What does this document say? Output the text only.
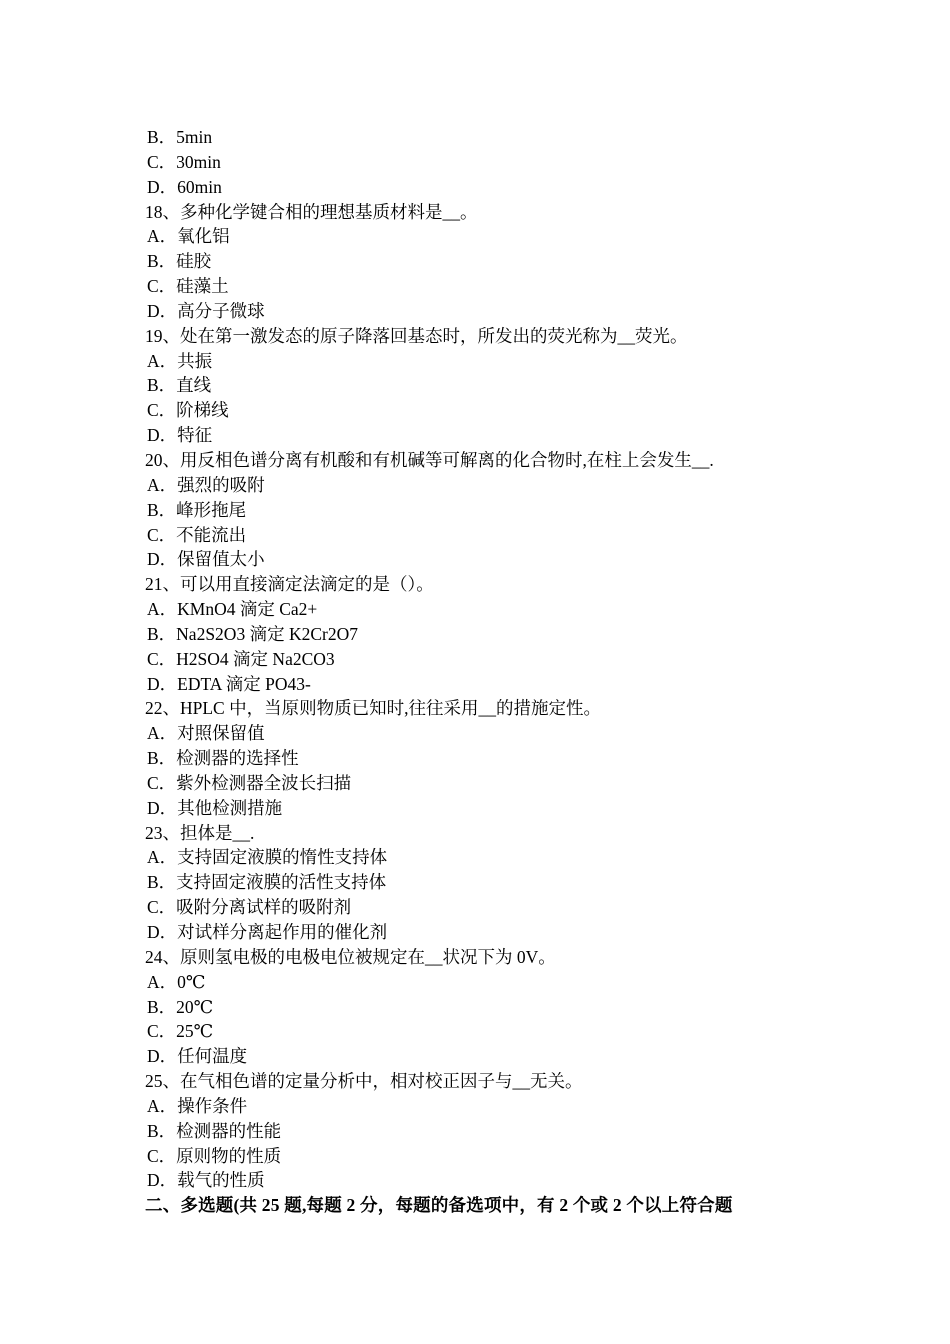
B．5min
C．30min
D．60min
18、多种化学键合相的理想基质材料是__。
A．氧化铝
B．硅胶
C．硅藻土
D．高分子微球
19、处在第一激发态的原子降落回基态时，所发出的荧光称为__荧光。
A．共振
B．直线
C．阶梯线
D．特征
20、用反相色谱分离有机酸和有机碱等可解离的化合物时,在柱上会发生__.
A．强烈的吸附
B．峰形拖尾
C．不能流出
D．保留值太小
21、可以用直接滴定法滴定的是（）。
A．KMnO4 滴定 Ca2+
B．Na2S2O3 滴定 K2Cr2O7
C．H2SO4 滴定 Na2CO3
D．EDTA 滴定 PO43-
22、HPLC 中，当原则物质已知时,往往采用__的措施定性。
A．对照保留值
B．检测器的选择性
C．紫外检测器全波长扫描
D．其他检测措施
23、担体是__.
A．支持固定液膜的惰性支持体
B．支持固定液膜的活性支持体
C．吸附分离试样的吸附剂
D．对试样分离起作用的催化剂
24、原则氢电极的电极电位被规定在__状况下为 0V。
A．0℃
B．20℃
C．25℃
D．任何温度
25、在气相色谱的定量分析中，相对校正因子与__无关。
A．操作条件
B．检测器的性能
C．原则物的性质
D．载气的性质
二、多选题(共 25 题,每题 2 分，每题的备选项中，有 2 个或 2 个以上符合题
